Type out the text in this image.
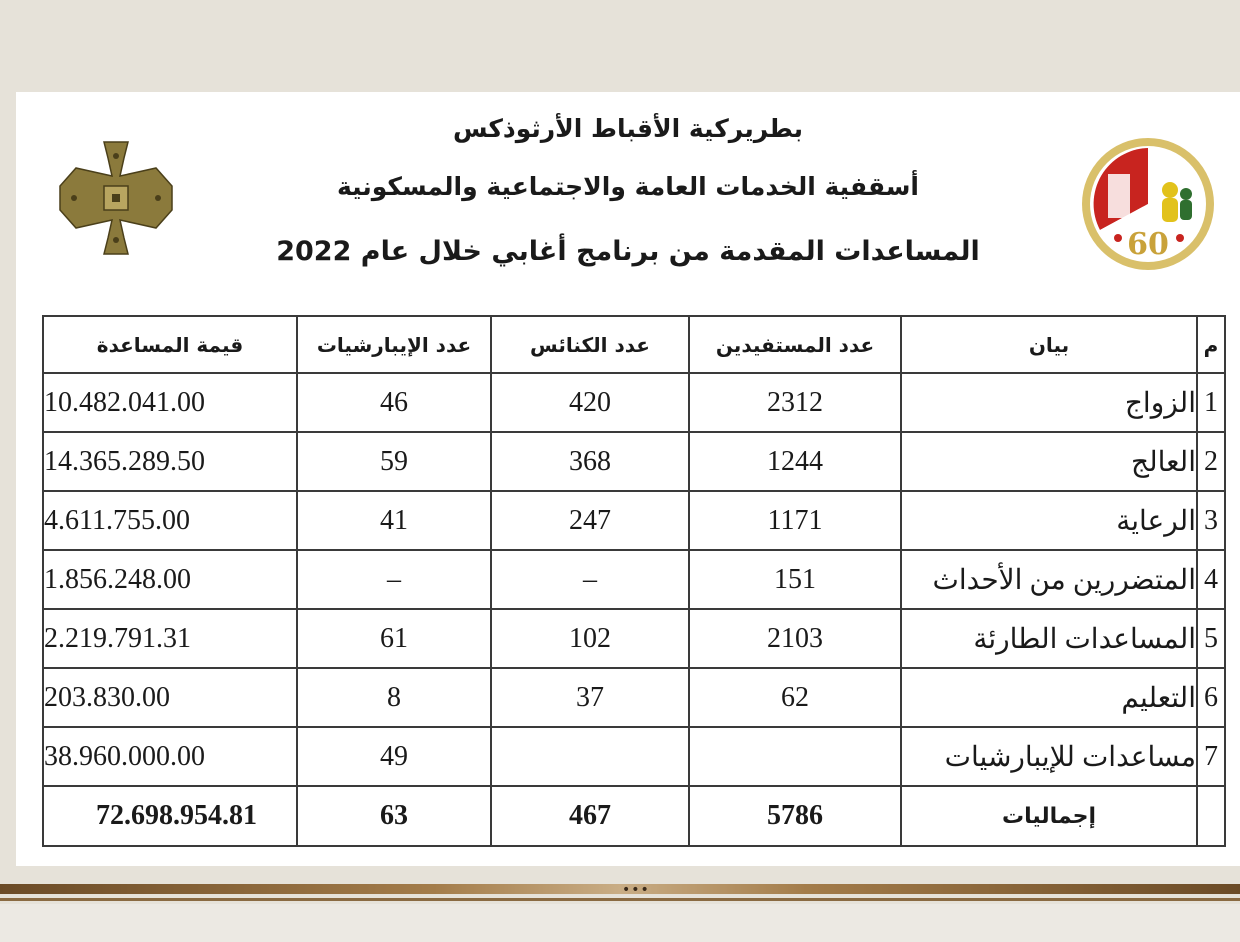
بطريركية الأقباط الأرثوذكس
أسقفية الخدمات العامة والاجتماعية والمسكونية
المساعدات المقدمة من برنامج أغابي خلال عام 2022	60
م	بيان	عدد المستفيدين	عدد الكنائس	عدد الإيبارشيات	قيمة المساعدة
1	الزواج	2312	420	46	10.482.041.00
2	العالج	1244	368	59	14.365.289.50
3	الرعاية	1171	247	41	4.611.755.00
4	المتضررين من الأحداث	151	–	–	1.856.248.00
5	المساعدات الطارئة	2103	102	61	2.219.791.31
6	التعليم	62	37	8	203.830.00
7	مساعدات للإيبارشيات			49	38.960.000.00
	إجماليات	5786	467	63	72.698.954.81
•••
